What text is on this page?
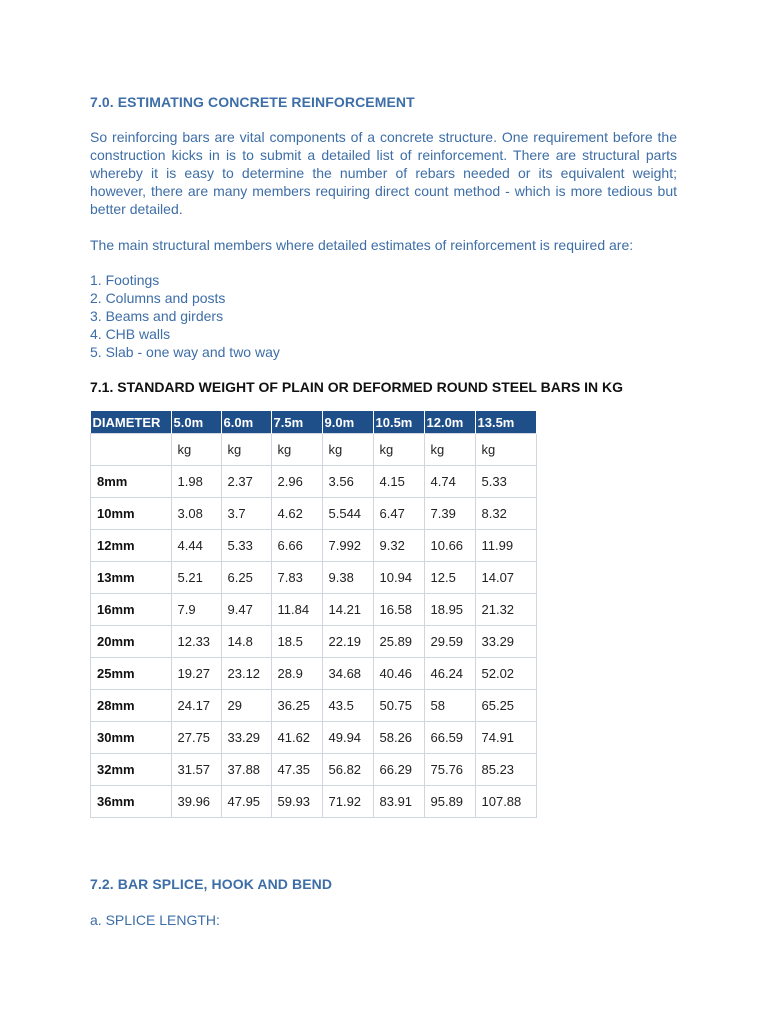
7.0. ESTIMATING CONCRETE REINFORCEMENT
So reinforcing bars are vital components of a concrete structure. One requirement before the construction kicks in is to submit a detailed list of reinforcement. There are structural parts whereby it is easy to determine the number of rebars needed or its equivalent weight; however, there are many members requiring direct count method - which is more tedious but better detailed.
The main structural members where detailed estimates of reinforcement is required are:
1. Footings
2. Columns and posts
3. Beams and girders
4. CHB walls
5. Slab - one way and two way
7.1. STANDARD WEIGHT OF PLAIN OR DEFORMED ROUND STEEL BARS IN KG
DIAMETER	5.0m	6.0m	7.5m	9.0m	10.5m	12.0m	13.5m
	kg	kg	kg	kg	kg	kg	kg
8mm	1.98	2.37	2.96	3.56	4.15	4.74	5.33
10mm	3.08	3.7	4.62	5.544	6.47	7.39	8.32
12mm	4.44	5.33	6.66	7.992	9.32	10.66	11.99
13mm	5.21	6.25	7.83	9.38	10.94	12.5	14.07
16mm	7.9	9.47	11.84	14.21	16.58	18.95	21.32
20mm	12.33	14.8	18.5	22.19	25.89	29.59	33.29
25mm	19.27	23.12	28.9	34.68	40.46	46.24	52.02
28mm	24.17	29	36.25	43.5	50.75	58	65.25
30mm	27.75	33.29	41.62	49.94	58.26	66.59	74.91
32mm	31.57	37.88	47.35	56.82	66.29	75.76	85.23
36mm	39.96	47.95	59.93	71.92	83.91	95.89	107.88
7.2. BAR SPLICE, HOOK AND BEND
a. SPLICE LENGTH:
